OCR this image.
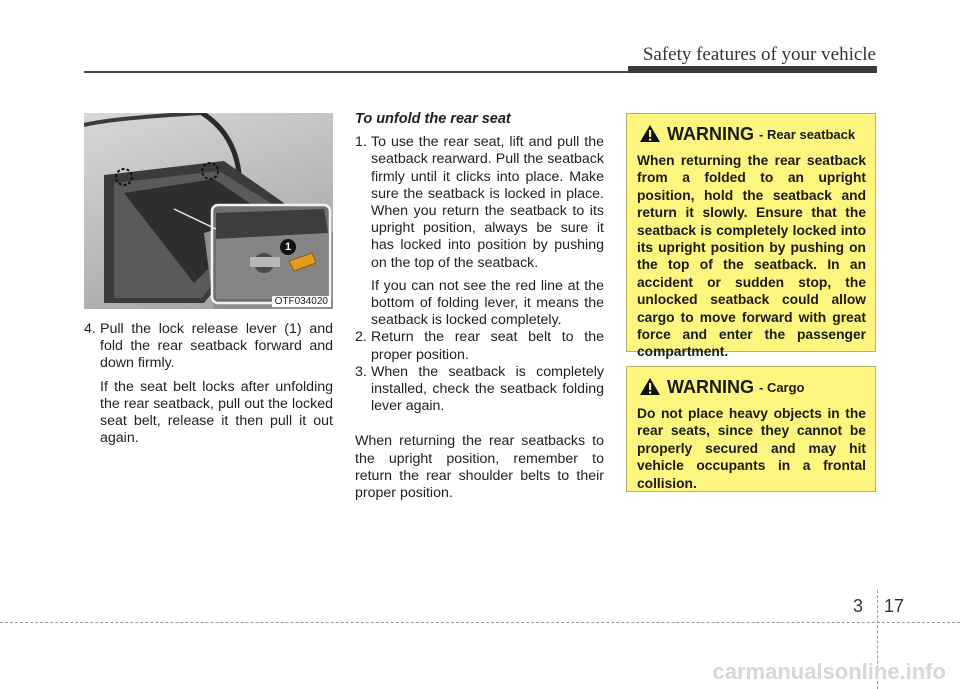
Safety features of your vehicle
1
OTF034020

4. Pull the lock release lever (1) and fold the rear seatback forward and down firmly.

If the seat belt locks after unfolding the rear seatback, pull out the locked seat belt, release it then pull it out again.

To unfold the rear seat

1. To use the rear seat, lift and pull the seatback rearward. Pull the seatback firmly until it clicks into place. Make sure the seatback is locked in place. When you return the seatback to its upright position, always be sure it has locked into position by pushing on the top of the seatback.

If you can not see the red line at the bottom of folding lever, it means the seatback is locked completely.

2. Return the rear seat belt to the proper position.

3. When the seatback is completely installed, check the seatback folding lever again.

When returning the rear seatbacks to the upright position, remember to return the rear shoulder belts to their proper position.

WARNING - Rear seatback
When returning the rear seatback from a folded to an upright position, hold the seatback and return it slowly. Ensure that the seatback is completely locked into its upright position by pushing on the top of the seatback. In an accident or sudden stop, the unlocked seatback could allow cargo to move forward with great force and enter the passenger compartment.
WARNING - Cargo
Do not place heavy objects in the rear seats, since they cannot be properly secured and may hit vehicle occupants in a frontal collision.
3 17
carmanualsonline.info
